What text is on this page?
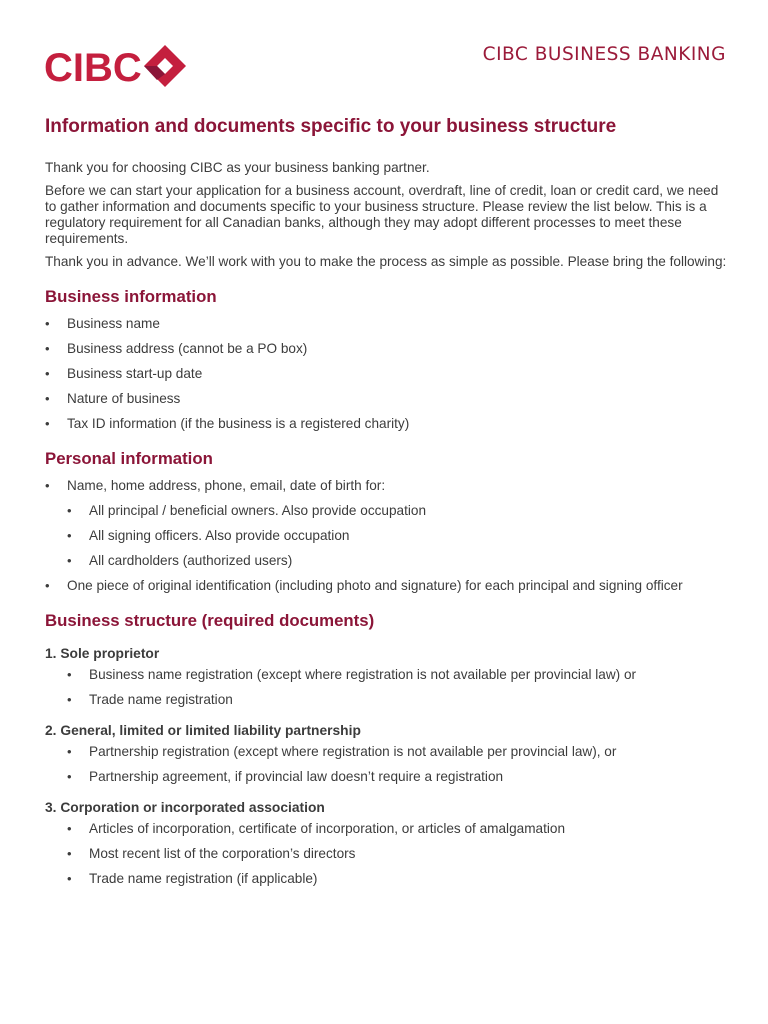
CIBC	CIBC BUSINESS BANKING
Information and documents specific to your business structure

Thank you for choosing CIBC as your business banking partner.

Before we can start your application for a business account, overdraft, line of credit, loan or credit card, we need to gather information and documents specific to your business structure. Please review the list below. This is a regulatory requirement for all Canadian banks, although they may adopt different processes to meet these requirements.

Thank you in advance. We’ll work with you to make the process as simple as possible. Please bring the following:

Business information
• Business name
• Business address (cannot be a PO box)
• Business start-up date
• Nature of business
• Tax ID information (if the business is a registered charity)
Personal information
• Name, home address, phone, email, date of birth for:
• All principal / beneficial owners. Also provide occupation
• All signing officers. Also provide occupation
• All cardholders (authorized users)
• One piece of original identification (including photo and signature) for each principal and signing officer
Business structure (required documents)
1. Sole proprietor
• Business name registration (except where registration is not available per provincial law) or
• Trade name registration
2. General, limited or limited liability partnership
• Partnership registration (except where registration is not available per provincial law), or
• Partnership agreement, if provincial law doesn’t require a registration
3. Corporation or incorporated association
• Articles of incorporation, certificate of incorporation, or articles of amalgamation
• Most recent list of the corporation’s directors
• Trade name registration (if applicable)
